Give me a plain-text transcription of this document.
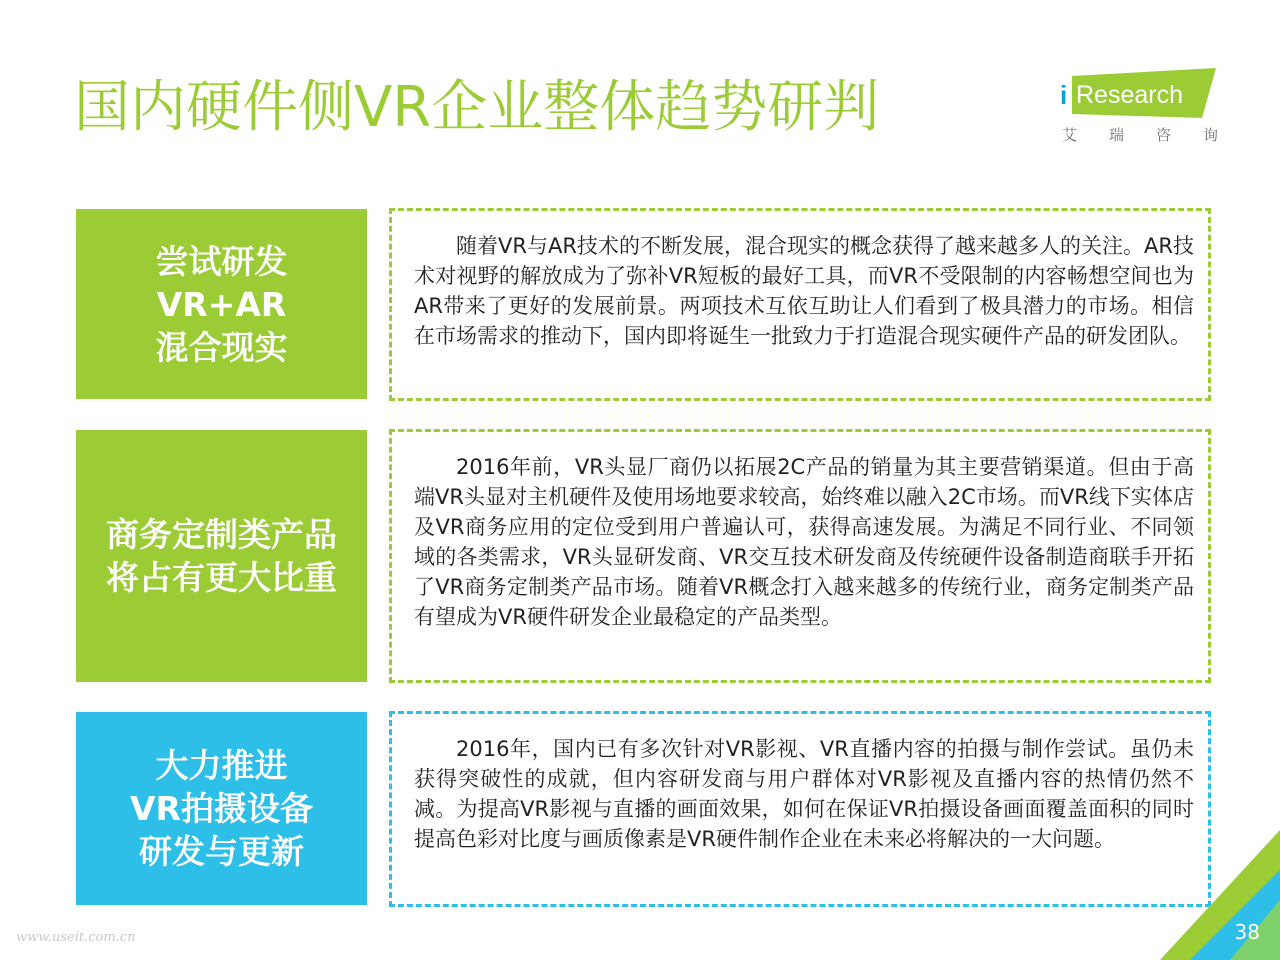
国内硬件侧VR企业整体趋势研判	i Research
艾 瑞 咨 询
尝试研发
VR+AR
混合现实
随着VR与AR技术的不断发展，混合现实的概念获得了越来越多人的关注。AR技术对视野的解放成为了弥补VR短板的最好工具，而VR不受限制的内容畅想空间也为AR带来了更好的发展前景。两项技术互依互助让人们看到了极具潜力的市场。相信在市场需求的推动下，国内即将诞生一批致力于打造混合现实硬件产品的研发团队。
商务定制类产品
将占有更大比重
2016年前，VR头显厂商仍以拓展2C产品的销量为其主要营销渠道。但由于高端VR头显对主机硬件及使用场地要求较高，始终难以融入2C市场。而VR线下实体店及VR商务应用的定位受到用户普遍认可，获得高速发展。为满足不同行业、不同领域的各类需求，VR头显研发商、VR交互技术研发商及传统硬件设备制造商联手开拓了VR商务定制类产品市场。随着VR概念打入越来越多的传统行业，商务定制类产品有望成为VR硬件研发企业最稳定的产品类型。
大力推进
VR拍摄设备
研发与更新
2016年，国内已有多次针对VR影视、VR直播内容的拍摄与制作尝试。虽仍未获得突破性的成就，但内容研发商与用户群体对VR影视及直播内容的热情仍然不减。为提高VR影视与直播的画面效果，如何在保证VR拍摄设备画面覆盖面积的同时提高色彩对比度与画质像素是VR硬件制作企业在未来必将解决的一大问题。
38
www.useit.com.cn
